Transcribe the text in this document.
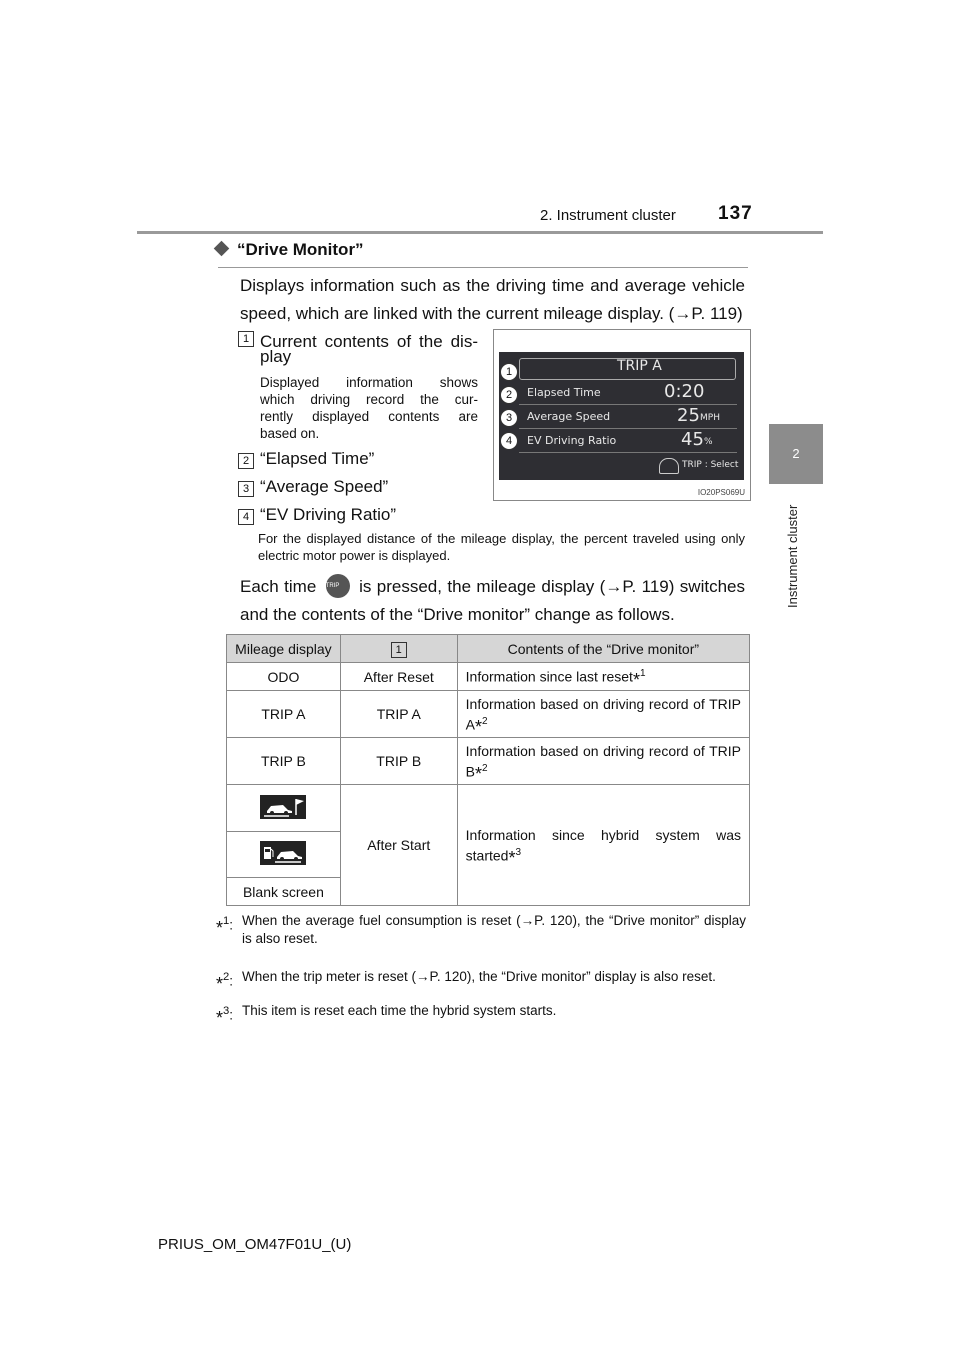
2. Instrument cluster 137
2
Instrument cluster
“Drive Monitor”
Displays information such as the driving time and average vehicle speed, which are linked with the current mileage display. (→P. 119)
1 Current contents of the dis-
play
Displayed information shows
which driving record the cur-
rently displayed contents are
based on.
2 “Elapsed Time”
3 “Average Speed”
4 “EV Driving Ratio”
For the displayed distance of the mileage display, the percent traveled using only electric motor power is displayed.
TRIP A
Elapsed Time	0:20
Average Speed	25 MPH
EV Driving Ratio	45 %
TRIP : Select
1
2
3
4
IO20PS069U
Each time TRIP is pressed, the mileage display (→P. 119) switches
and the contents of the “Drive monitor” change as follows.
Mileage display	1	Contents of the “Drive monitor”
ODO	After Reset	Information since last reset*$^1$
TRIP A	TRIP A	Information based on driving record of TRIP A*$^2$
TRIP B	TRIP B	Information based on driving record of TRIP B*$^2$
	After Start	Information since hybrid system was started*$^3$

Blank screen		
*$^1$: When the average fuel consumption is reset (→P. 120), the “Drive monitor” display is also reset.
*$^2$: When the trip meter is reset (→P. 120), the “Drive monitor” display is also reset.
*$^3$: This item is reset each time the hybrid system starts.
PRIUS_OM_OM47F01U_(U)
